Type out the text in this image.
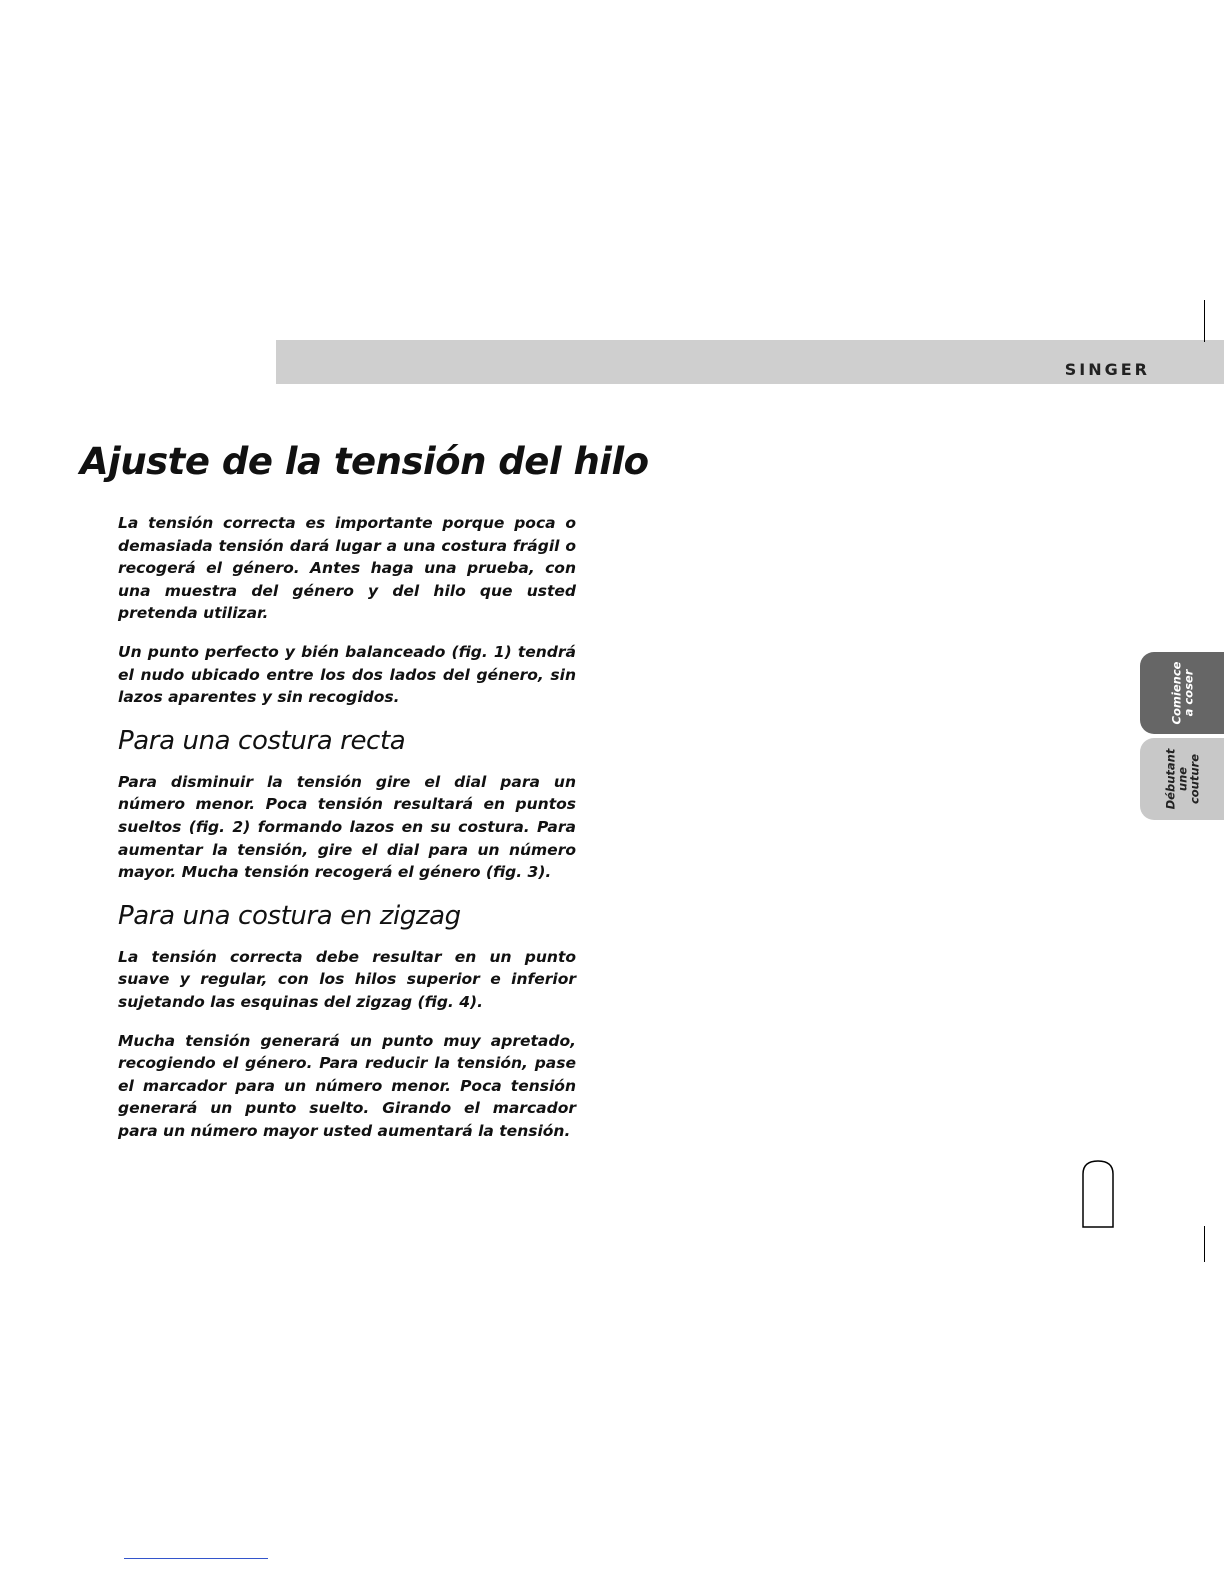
SINGER
Ajuste de la tensión del hilo

La tensión correcta es importante porque poca o demasiada tensión dará lugar a una costura frágil o recogerá el género. Antes haga una prueba, con una muestra del género y del hilo que usted pretenda utilizar.

Un punto perfecto y bién balanceado (fig. 1) tendrá el nudo ubicado entre los dos lados del género, sin lazos aparentes y sin recogidos.

Para una costura recta

Para disminuir la tensión gire el dial para un número menor. Poca tensión resultará en puntos sueltos (fig. 2) formando lazos en su costura. Para aumentar la tensión, gire el dial para un número mayor. Mucha tensión recogerá el género (fig. 3).

Para una costura en zigzag

La tensión correcta debe resultar en un punto suave y regular, con los hilos superior e inferior sujetando las esquinas del zigzag (fig. 4).

Mucha tensión generará un punto muy apretado, recogiendo el género. Para reducir la tensión, pase el marcador para un número menor. Poca tensión generará un punto suelto. Girando el marcador para un número mayor usted aumentará la tensión.

Comience
a coser
Débutant
une
couture
